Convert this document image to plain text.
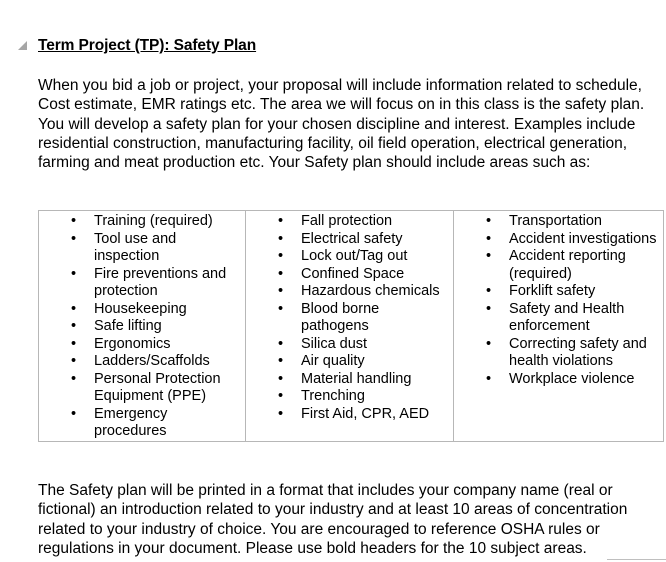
Term Project (TP): Safety Plan

When you bid a job or project, your proposal will include information related to schedule, Cost estimate, EMR ratings etc. The area we will focus on in this class is the safety plan. You will develop a safety plan for your chosen discipline and interest. Examples include residential construction, manufacturing facility, oil field operation, electrical generation, farming and meat production etc. Your Safety plan should include areas such as:

• Training (required)
• Tool use and inspection
• Fire preventions and protection
• Housekeeping
• Safe lifting
• Ergonomics
• Ladders/Scaffolds
• Personal Protection Equipment (PPE)
• Emergency procedures

• Fall protection
• Electrical safety
• Lock out/Tag out
• Confined Space
• Hazardous chemicals
• Blood borne pathogens
• Silica dust
• Air quality
• Material handling
• Trenching
• First Aid, CPR, AED

• Transportation
• Accident investigations
• Accident reporting (required)
• Forklift safety
• Safety and Health enforcement
• Correcting safety and health violations
• Workplace violence

The Safety plan will be printed in a format that includes your company name (real or fictional) an introduction related to your industry and at least 10 areas of concentration related to your industry of choice. You are encouraged to reference OSHA rules or regulations in your document. Please use bold headers for the 10 subject areas.
